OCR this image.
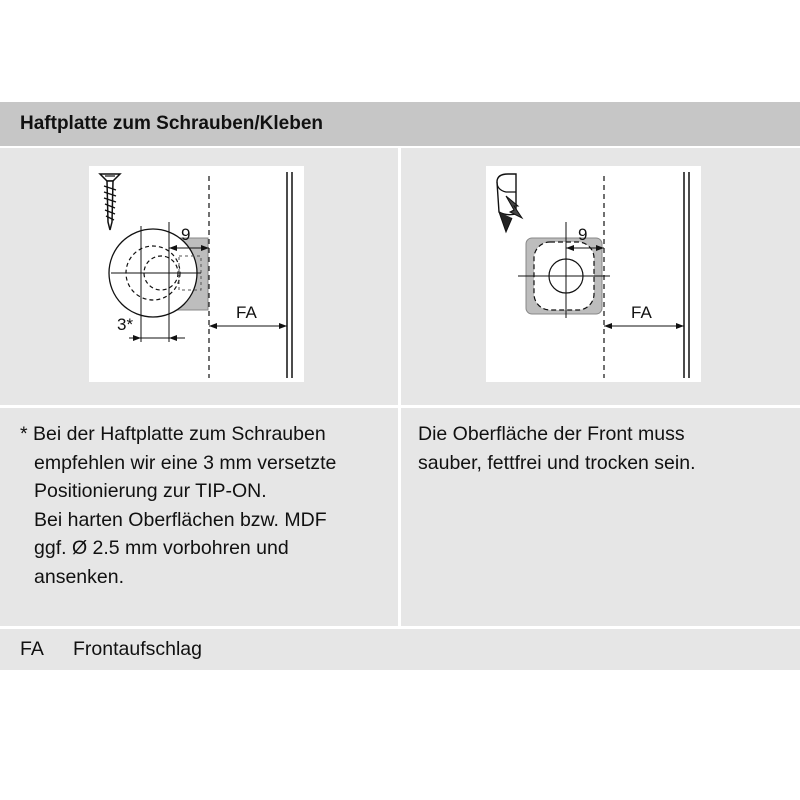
Haftplatte zum Schrauben/Kleben
9
3*
FA
9
FA
* Bei der Haftplatte zum Schrauben
empfehlen wir eine 3 mm versetzte
Positionierung zur TIP-ON.
Bei harten Oberflächen bzw. MDF
ggf. Ø 2.5 mm vorbohren und
ansenken.
Die Oberfläche der Front muss
sauber, fettfrei und trocken sein.
FA Frontaufschlag
